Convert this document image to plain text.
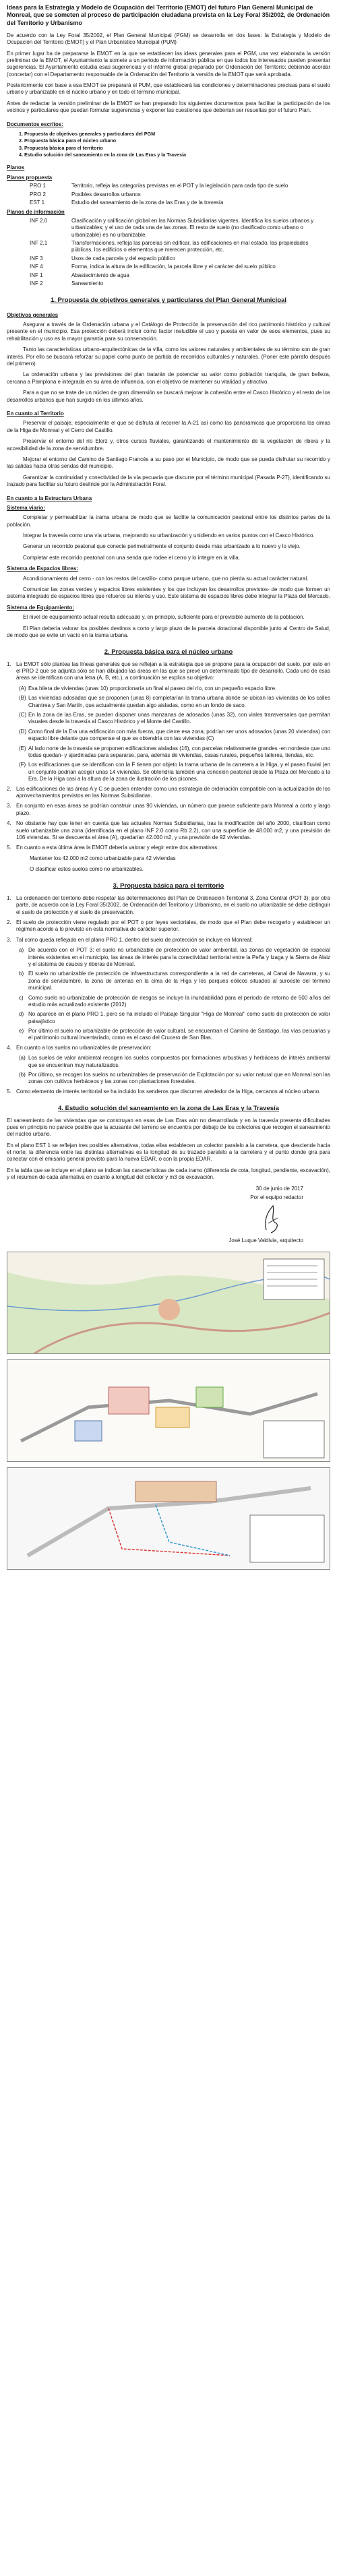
Ideas para la Estrategia y Modelo de Ocupación del Territorio (EMOT) del futuro Plan General Municipal de Monreal, que se someten al proceso de participación ciudadana prevista en la Ley Foral 35/2002, de Ordenación del Territorio y Urbanismo

De acuerdo con la Ley Foral 35/2002, el Plan General Municipal (PGM) se desarrolla en dos fases: la Estrategia y Modelo de Ocupación del Territorio (EMOT) y el Plan Urbanístico Municipal (PUM)

En primer lugar ha de prepararse la EMOT en la que se establecen las ideas generales para el PGM, una vez elaborada la versión preliminar de la EMOT, el Ayuntamiento la somete a un periodo de información pública en que todos los interesados pueden presentar sugerencias. El Ayuntamiento estudia esas sugerencias y el informe global preparado por Ordenación del Territorio; debiendo acordar (concertar) con el Departamento responsable de la Ordenación del Territorio la versión de la EMOT que será aprobada.

Posteriormente con base a esa EMOT se preparará el PUM, que establecerá las condiciones y determinaciones precisas para el suelo urbano y urbanizable en el núcleo urbano y en todo el término municipal.

Antes de redactar la versión preliminar de la EMOT se han preparado los siguientes documentos para facilitar la participación de los vecinos y particulares que puedan formular sugerencias y exponer las cuestiones que deberían ser resueltas por el futuro Plan.

Documentos escritos:
1. Propuesta de objetivos generales y particulares del PGM
2. Propuesta básica para el núcleo urbano
3. Propuesta básica para el territorio
4. Estudio solución del saneamiento en la zona de Las Eras y la Travesía
Planos
Planos propuesta
PRO 1	Territorio, refleja las categorías previstas en el POT y la legislación para cada tipo de suelo
PRO 2	Posibles desarrollos urbanos
EST 1	Estudio del saneamiento de la zona de las Eras y de la travesía
Planos de información
INF 2.0	Clasificación y calificación global en las Normas Subsidiarias vigentes. Identifica los suelos urbanos y urbanizables; y el uso de cada una de las zonas. El resto de suelo (no clasificado como urbano o urbanizable) es no urbanizable.
INF 2.1	Transformaciones, refleja las parcelas sin edificar, las edificaciones en mal estado, las propiedades públicas, los edificios o elementos que merecen protección, etc.
INF 3	Usos de cada parcela y del espacio público
INF 4	Forma, indica la altura de la edificación, la parcela libre y el carácter del suelo público
INF 1	Abastecimiento de agua
INF 2	Saneamiento
1. Propuesta de objetivos generales y particulares del Plan General Municipal
Objetivos generales

Asegurar a través de la Ordenación urbana y el Catálogo de Protección la preservación del rico patrimonio histórico y cultural presente en el municipio. Esa protección deberá incluir como factor ineludible el uso y puesta en valor de esos elementos, pues su rehabilitación y uso es la mayor garantía para su conservación.

Tanto las características urbano-arquitectónicas de la villa, como los valores naturales y ambientales de su término son de gran interés. Por ello se buscará reforzar su papel como punto de partida de recorridos culturales y naturales. (Poner este párrafo después del primero)

La ordenación urbana y las previsiones del plan tratarán de potenciar su valor como población tranquila, de gran belleza, cercana a Pamplona e integrada en su área de influencia, con el objetivo de mantener su vitalidad y atractivo.

Para a que no se trate de un núcleo de gran dimensión se buscará mejorar la cohesión entre el Casco Histórico y el resto de los desarrollos urbanos que han surgido en los últimos años.

En cuanto al Territorio

Preservar el paisaje, especialmente el que se disfruta al recorrer la A-21 así como las panorámicas que proporciona las cimas de la Higa de Monreal y el Cerro del Castillo.

Preservar el entorno del río Elorz y, otros cursos fluviales, garantizando el mantenimiento de la vegetación de ribera y la accesibilidad de la zona de servidumbre.

Mejorar el entorno del Camino de Santiago Francés a su paso por el Municipio, de modo que se pueda disfrutar su recorrido y las salidas hacia otras sendas del municipio.

Garantizar la continuidad y conectividad de la vía pecuaria que discurre por el término municipal (Pasada P-27), identificando su trazado para facilitar su futuro deslinde por la Administración Foral.

En cuanto a la Estructura Urbana
Sistema viario:

Completar y permeabilizar la trama urbana de modo que se facilite la comunicación peatonal entre los distintos partes de la población.

Integrar la travesía como una vía urbana, mejorando su urbanización y unidiendo en varios puntos con el Casco Histórico.

Generar un recorrido peatonal que conecte perimetralmente el conjunto desde más urbanizado a lo nuevo y lo viejo.

Completar este recorrido peatonal con una senda que rodee el cerro y lo integre en la villa.

Sistema de Espacios libres:

Acondicionamiento del cerro - con los restos del castillo- como parque urbano, que no pierda su actual carácter natural.

Comunicar las zonas verdes y espacios libres existentes y los que incluyan los desarrollos previstos- de modo que formen un sistema integrado de espacios libres que refuerce su interés y uso. Este sistema de espacios libres debe integrar la Plaza del Mercado.

Sistema de Equipamiento:

El nivel de equipamiento actual resulta adecuado y, en principio, suficiente para el previsible aumento de la población.

El Plan debería valorar los posibles destinos a corto y largo plazo de la parcela dotacional disponible junto al Centro de Salud, de modo que se evite un vacío en la trama urbana.

2. Propuesta básica para el núcleo urbano
1. La EMOT sólo plantea las líneas generales que se reflejan a la estrategia que se propone para la ocupación del suelo, por esto en el PRO 2 que se adjunta sólo se han dibujado las áreas en las que se prevé un determinado tipo de desarrollo. Cada uno de esas áreas se identifican con una letra (A, B, etc.), a continuación se explica su objetivo:
(A) Esa hilera de viviendas (unas 10) proporcionaría un final al paseo del río, con un pequeño espacio libre.
(B) Las viviendas adosadas que se proponen (unas 8) completarían la trama urbana donde se ubican las viviendas de los calles Chantrea y San Martín, que actualmente quedan algo aisladas, como en un fondo de saco.
(C) En la zona de las Eras, se pueden disponer unas manzanas de adosados (unas 32), con viales transversales que permitan visuales desde la travesía al Casco Histórico y el Monte del Castillo.
(D) Como final de la Era una edificación con más fuerza, que cierre esa zona; podrían ser unos adosados (unas 20 viviendas) con espacio libre delante que compense el que se obtendría con las viviendas (C)
(E) Al lado norte de la travesía se proponen edificaciones aisladas (16), con parcelas relativamente grandes -en nordeste que uno todas quedan- y ajardinadas para separarse, para, además de viviendas, casas rurales, pequeños talleres, tiendas, etc.
(F) Los edificaciones que se identifican con la F tienen por objeto la trama urbana de la carretera a la Higa, y el paseo fluvial (en un conjunto podrían acoger unas 14 viviendas. Se obtendría también una conexión peatonal desde la Plaza del Mercado a la Era. De la Higa casi a la altura de la zona de ilustración de los picones.
2. Las edificaciones de las áreas A y C se pueden entender como una estrategia de ordenación compatible con la actualización de los aprovechamientos previstos en las Normas Subsidiarias.
3. En conjunto en esas áreas se podrían construir unas 90 viviendas, un número que parece suficiente para Monreal a corto y largo plazo.
4. No obstante hay que tener en cuenta que las actuales Normas Subsidiarias, tras la modificación del año 2000, clasifican como suelo urbanizable una zona (identificada en el plano INF 2.0 como Rb 2.2), con una superficie de 48.000 m2, y una previsión de 106 viviendas. Si se descuenta el área (A), quedarían 42.000 m2, y una previsión de 92 viviendas.
5. En cuanto a esta última área la EMOT debería valorar y elegir entre dos alternativas:

Mantener los 42.000 m2 como urbanizable para 42 viviendas

O clasificar estos suelos como no urbanizables.

3. Propuesta básica para el territorio
1. La ordenación del territorio debe respetar las determinaciones del Plan de Ordenación Territorial 3, Zona Central (POT 3); por otra parte, de acuerdo con la Ley Foral 35/2002, de Ordenación del Territorio y Urbanismo, en el suelo no urbanizable se debe distinguir el suelo de protección y el suelo de preservación.
2. El suelo de protección viene regulado por el POT o por leyes sectoriales, de modo que el Plan debe recogerlo y establecer un régimen acorde a lo previsto en esta normativa de carácter superior.
3. Tal como queda reflejado en el plano PRO 1, dentro del suelo de protección se incluye en Monreal:
a) De acuerdo con el POT 3: el suelo no urbanizable de protección de valor ambiental, las zonas de vegetación de especial interés existentes en el municipio, las áreas de interés para la conectividad territorial entre la Peña y Izaga y la Sierra de Alaiz y el sistema de cauces y riberas de Monreal.
b) El suelo no urbanizable de protección de infraestructuras correspondiente a la red de carreteras, al Canal de Navarra, y su zona de servidumbre, la zona de antenas en la cima de la Higa y los parques eólicos situados al suroeste del término municipal.
c) Como suelo no urbanizable de protección de riesgos se incluye la inundabilidad para el periodo de retorno de 500 años del estudio más actualizado existente (2012)
d) No aparece en el plano PRO 1, pero se ha incluido el Paisaje Singular "Higa de Monreal" como suelo de protección de valor paisajístico
e) Por último el suelo no urbanizable de protección de valor cultural, se encuentran el Camino de Santiago, las vías pecuarias y el patrimonio cultural inventariado, como es el caso del Crucero de San Blas.
4. En cuanto a los suelos no urbanizables de preservación:
(a) Los suelos de valor ambiental recogen los suelos compuestos por formaciones arbustivas y herbáceas de interés ambiental que se encuentran muy naturalizados.
(b) Por último, se recogen los suelos no urbanizables de preservación de Explotación por su valor natural que en Monreal son las zonas con cultivos herbáceos y las zonas con plantaciones forestales.
5. Como elemento de interés territorial se ha incluido los senderos que discurren alrededor de la Higa, cercanos al núcleo urbano.
4. Estudio solución del saneamiento en la zona de Las Eras y la Travesía

El saneamiento de las viviendas que se construyan en esas de Las Eras aún no desarrollada y en la travesía presenta dificultades pues en principio no parece posible que la acusante del terreno se encuentra por debajo de los colectores que recogen el saneamiento del núcleo urbano.

En el plano EST 1 se reflejan tres posibles alternativas, todas ellas establecen un colector paralelo a la carretera, que desciende hacia el norte; la diferencia entre las distintas alternativas es la longitud de su trazado paralelo a la carretera y el punto donde gira para conectar con el emisario general previsto para la nueva EDAR, o con la propia EDAR.

En la tabla que se incluye en el plano se indican las características de cada tramo (diferencia de cota, longitud, pendiente, excavación), y el resumen de cada alternativa en cuanto a longitud del colector y m3 de excavación.

30 de junio de 2017
Por el equipo redactor
José Luque Valdivia, arquitecto
